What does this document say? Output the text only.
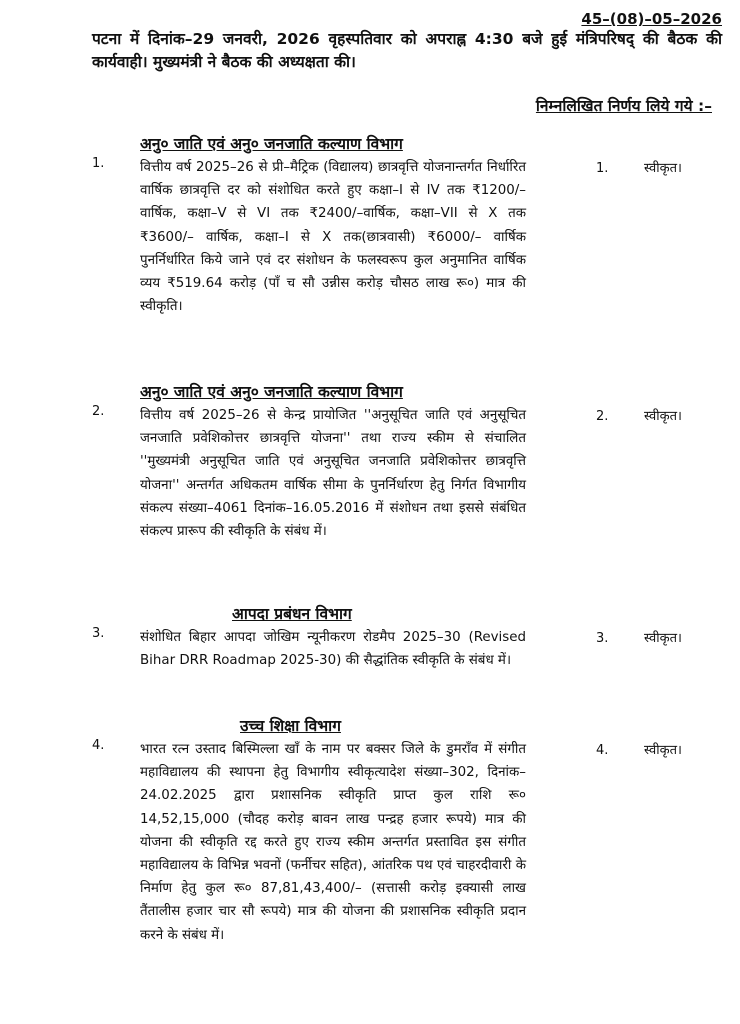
45–(08)–05–2026
पटना में दिनांक–29 जनवरी, 2026 वृहस्पतिवार को अपराह्न 4:30 बजे हुई मंत्रिपरिषद् की बैठक की कार्यवाही। मुख्यमंत्री ने बैठक की अध्यक्षता की।
निम्नलिखित निर्णय लिये गये :–
अनु० जाति एवं अनु० जनजाति कल्याण विभाग
1.	वित्तीय वर्ष 2025–26 से प्री–मैट्रिक (विद्यालय) छात्रवृत्ति योजनान्तर्गत निर्धारित वार्षिक छात्रवृत्ति दर को संशोधित करते हुए कक्षा–I से IV तक ₹1200/–वार्षिक, कक्षा–V से VI तक ₹2400/–वार्षिक, कक्षा–VII से X तक ₹3600/– वार्षिक, कक्षा–I से X तक(छात्रवासी) ₹6000/– वार्षिक पुनर्निर्धारित किये जाने एवं दर संशोधन के फलस्वरूप कुल अनुमानित वार्षिक व्यय ₹519.64 करोड़ (पाँ च सौ उन्नीस करोड़ चौसठ लाख रू०) मात्र की स्वीकृति।
1.	स्वीकृत।
अनु० जाति एवं अनु० जनजाति कल्याण विभाग
2.	वित्तीय वर्ष 2025–26 से केन्द्र प्रायोजित ''अनुसूचित जाति एवं अनुसूचित जनजाति प्रवेशिकोत्तर छात्रवृत्ति योजना'' तथा राज्य स्कीम से संचालित ''मुख्यमंत्री अनुसूचित जाति एवं अनुसूचित जनजाति प्रवेशिकोत्तर छात्रवृत्ति योजना'' अन्तर्गत अधिकतम वार्षिक सीमा के पुनर्निर्धारण हेतु निर्गत विभागीय संकल्प संख्या–4061 दिनांक–16.05.2016 में संशोधन तथा इससे संबंधित संकल्प प्रारूप की स्वीकृति के संबंध में।
2.	स्वीकृत।
आपदा प्रबंधन विभाग
3.	संशोधित बिहार आपदा जोखिम न्यूनीकरण रोडमैप 2025–30 (Revised Bihar DRR Roadmap 2025-30) की सैद्धांतिक स्वीकृति के संबंध में।
3.	स्वीकृत।
उच्च शिक्षा विभाग
4.	भारत रत्न उस्ताद बिस्मिल्ला खाँ के नाम पर बक्सर जिले के डुमराँव में संगीत महाविद्यालय की स्थापना हेतु विभागीय स्वीकृत्यादेश संख्या–302, दिनांक–24.02.2025 द्वारा प्रशासनिक स्वीकृति प्राप्त कुल राशि रू० 14,52,15,000 (चौदह करोड़ बावन लाख पन्द्रह हजार रूपये) मात्र की योजना की स्वीकृति रद्द करते हुए राज्य स्कीम अन्तर्गत प्रस्तावित इस संगीत महाविद्यालय के विभिन्न भवनों (फर्नीचर सहित), आंतरिक पथ एवं चाहरदीवारी के निर्माण हेतु कुल रू० 87,81,43,400/– (सत्तासी करोड़ इक्यासी लाख तैंतालीस हजार चार सौ रूपये) मात्र की योजना की प्रशासनिक स्वीकृति प्रदान करने के संबंध में।
4.	स्वीकृत।
